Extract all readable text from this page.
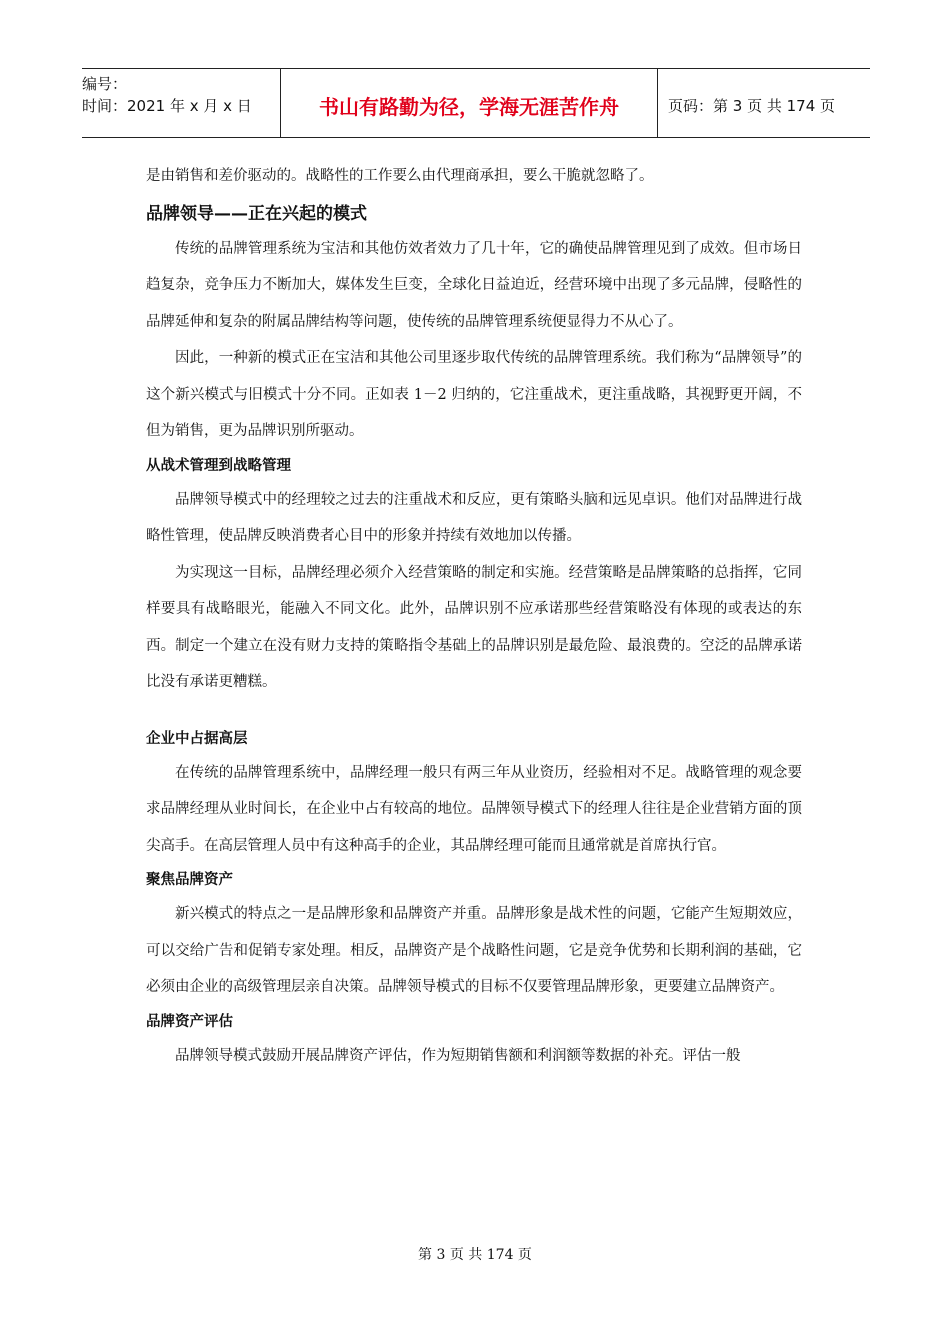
编号：
时间：2021 年 x 月 x 日	书山有路勤为径，学海无涯苦作舟	页码：第 3 页 共 174 页

是由销售和差价驱动的。战略性的工作要么由代理商承担，要么干脆就忽略了。

品牌领导——正在兴起的模式

传统的品牌管理系统为宝洁和其他仿效者效力了几十年，它的确使品牌管理见到了成效。但市场日趋复杂，竞争压力不断加大，媒体发生巨变，全球化日益迫近，经营环境中出现了多元品牌，侵略性的品牌延伸和复杂的附属品牌结构等问题，使传统的品牌管理系统便显得力不从心了。

因此，一种新的模式正在宝洁和其他公司里逐步取代传统的品牌管理系统。我们称为“品牌领导”的这个新兴模式与旧模式十分不同。正如表 1－2 归纳的，它注重战术，更注重战略，其视野更开阔，不但为销售，更为品牌识别所驱动。

从战术管理到战略管理

品牌领导模式中的经理较之过去的注重战术和反应，更有策略头脑和远见卓识。他们对品牌进行战略性管理，使品牌反映消费者心目中的形象并持续有效地加以传播。

为实现这一目标，品牌经理必须介入经营策略的制定和实施。经营策略是品牌策略的总指挥，它同样要具有战略眼光，能融入不同文化。此外，品牌识别不应承诺那些经营策略没有体现的或表达的东西。制定一个建立在没有财力支持的策略指令基础上的品牌识别是最危险、最浪费的。空泛的品牌承诺比没有承诺更糟糕。

企业中占据高层

在传统的品牌管理系统中，品牌经理一般只有两三年从业资历，经验相对不足。战略管理的观念要求品牌经理从业时间长，在企业中占有较高的地位。品牌领导模式下的经理人往往是企业营销方面的顶尖高手。在高层管理人员中有这种高手的企业，其品牌经理可能而且通常就是首席执行官。

聚焦品牌资产

新兴模式的特点之一是品牌形象和品牌资产并重。品牌形象是战术性的问题，它能产生短期效应，可以交给广告和促销专家处理。相反，品牌资产是个战略性问题，它是竞争优势和长期利润的基础，它必须由企业的高级管理层亲自决策。品牌领导模式的目标不仅要管理品牌形象，更要建立品牌资产。

品牌资产评估

品牌领导模式鼓励开展品牌资产评估，作为短期销售额和利润额等数据的补充。评估一般

第 3 页 共 174 页
